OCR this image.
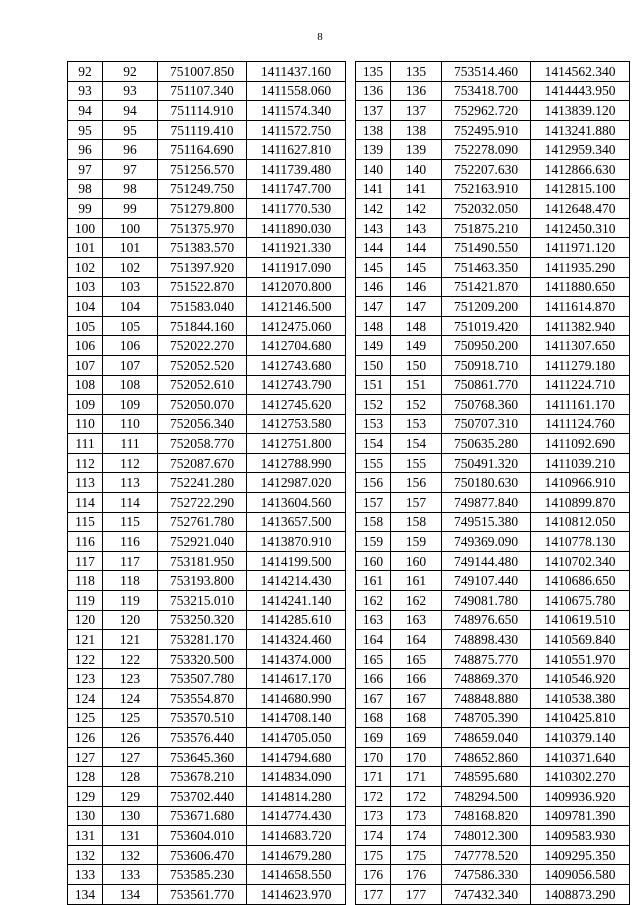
8
92	92	751007.850	1411437.160
93	93	751107.340	1411558.060
94	94	751114.910	1411574.340
95	95	751119.410	1411572.750
96	96	751164.690	1411627.810
97	97	751256.570	1411739.480
98	98	751249.750	1411747.700
99	99	751279.800	1411770.530
100	100	751375.970	1411890.030
101	101	751383.570	1411921.330
102	102	751397.920	1411917.090
103	103	751522.870	1412070.800
104	104	751583.040	1412146.500
105	105	751844.160	1412475.060
106	106	752022.270	1412704.680
107	107	752052.520	1412743.680
108	108	752052.610	1412743.790
109	109	752050.070	1412745.620
110	110	752056.340	1412753.580
111	111	752058.770	1412751.800
112	112	752087.670	1412788.990
113	113	752241.280	1412987.020
114	114	752722.290	1413604.560
115	115	752761.780	1413657.500
116	116	752921.040	1413870.910
117	117	753181.950	1414199.500
118	118	753193.800	1414214.430
119	119	753215.010	1414241.140
120	120	753250.320	1414285.610
121	121	753281.170	1414324.460
122	122	753320.500	1414374.000
123	123	753507.780	1414617.170
124	124	753554.870	1414680.990
125	125	753570.510	1414708.140
126	126	753576.440	1414705.050
127	127	753645.360	1414794.680
128	128	753678.210	1414834.090
129	129	753702.440	1414814.280
130	130	753671.680	1414774.430
131	131	753604.010	1414683.720
132	132	753606.470	1414679.280
133	133	753585.230	1414658.550
134	134	753561.770	1414623.970
135	135	753514.460	1414562.340
136	136	753418.700	1414443.950
137	137	752962.720	1413839.120
138	138	752495.910	1413241.880
139	139	752278.090	1412959.340
140	140	752207.630	1412866.630
141	141	752163.910	1412815.100
142	142	752032.050	1412648.470
143	143	751875.210	1412450.310
144	144	751490.550	1411971.120
145	145	751463.350	1411935.290
146	146	751421.870	1411880.650
147	147	751209.200	1411614.870
148	148	751019.420	1411382.940
149	149	750950.200	1411307.650
150	150	750918.710	1411279.180
151	151	750861.770	1411224.710
152	152	750768.360	1411161.170
153	153	750707.310	1411124.760
154	154	750635.280	1411092.690
155	155	750491.320	1411039.210
156	156	750180.630	1410966.910
157	157	749877.840	1410899.870
158	158	749515.380	1410812.050
159	159	749369.090	1410778.130
160	160	749144.480	1410702.340
161	161	749107.440	1410686.650
162	162	749081.780	1410675.780
163	163	748976.650	1410619.510
164	164	748898.430	1410569.840
165	165	748875.770	1410551.970
166	166	748869.370	1410546.920
167	167	748848.880	1410538.380
168	168	748705.390	1410425.810
169	169	748659.040	1410379.140
170	170	748652.860	1410371.640
171	171	748595.680	1410302.270
172	172	748294.500	1409936.920
173	173	748168.820	1409781.390
174	174	748012.300	1409583.930
175	175	747778.520	1409295.350
176	176	747586.330	1409056.580
177	177	747432.340	1408873.290
